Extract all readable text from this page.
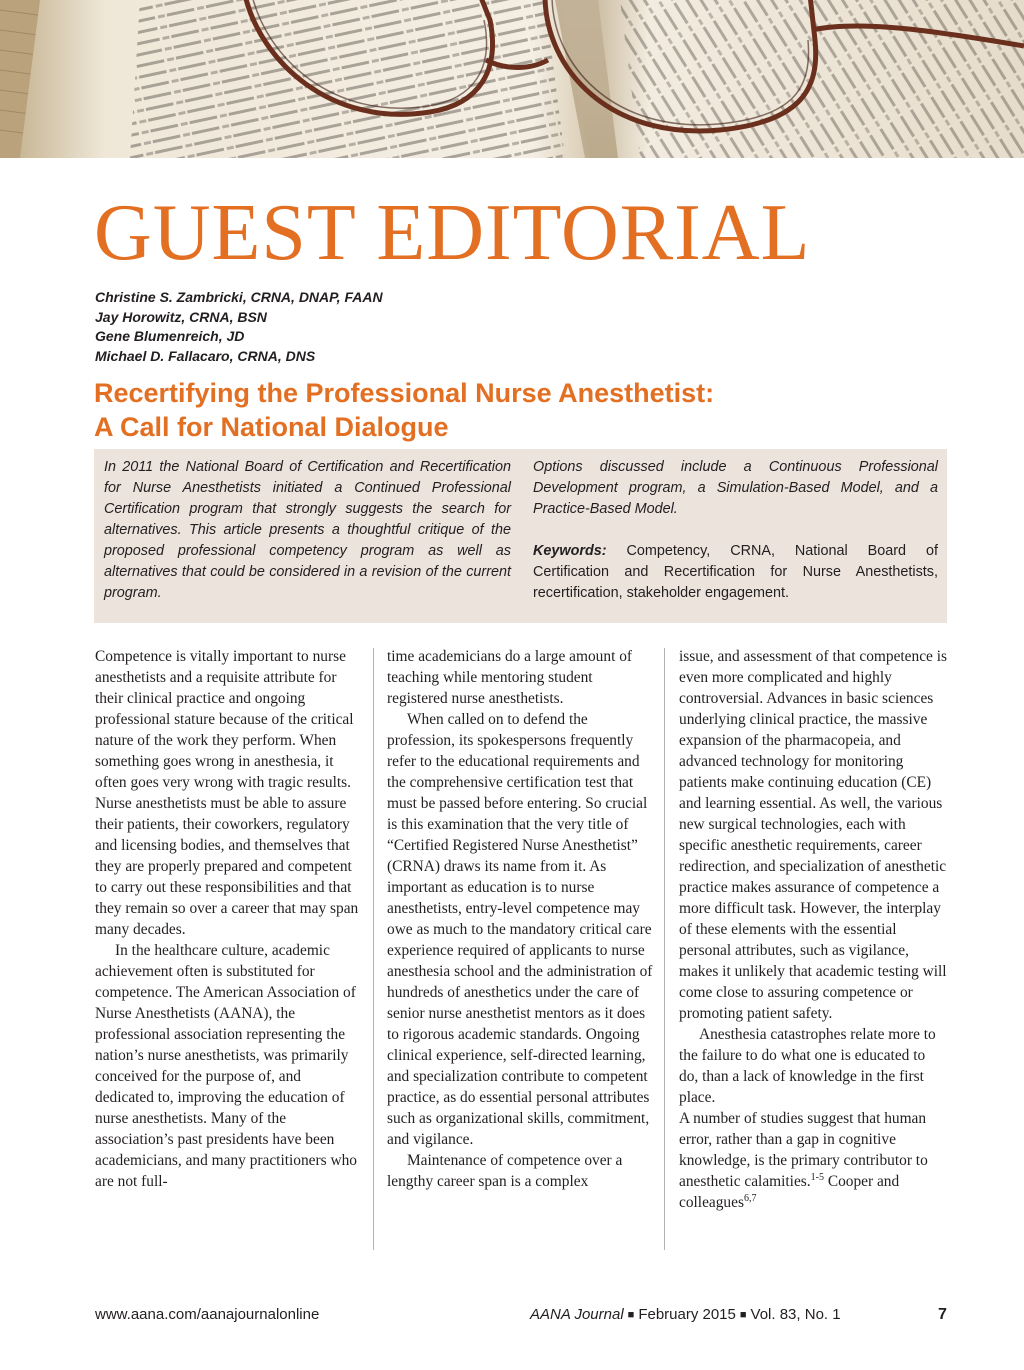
GUEST EDITORIAL
Christine S. Zambricki, CRNA, DNAP, FAAN
Jay Horowitz, CRNA, BSN
Gene Blumenreich, JD
Michael D. Fallacaro, CRNA, DNS
Recertifying the Professional Nurse Anesthetist:
A Call for National Dialogue

In 2011 the National Board of Certification and Recertification for Nurse Anesthetists initiated a Continued Professional Certification program that strongly suggests the search for alternatives. This article presents a thoughtful critique of the proposed professional competency program as well as alternatives that could be considered in a revision of the current program.

Options discussed include a Continuous Professional Development program, a Simulation-Based Model, and a Practice-Based Model.

Keywords: Competency, CRNA, National Board of Certification and Recertification for Nurse Anesthetists, recertification, stakeholder engagement.

Competence is vitally important to nurse anesthetists and a requisite attribute for their clinical practice and ongoing professional stature because of the critical nature of the work they perform. When something goes wrong in anesthesia, it often goes very wrong with tragic results. Nurse anesthetists must be able to assure their patients, their coworkers, regulatory and licensing bodies, and themselves that they are properly prepared and competent to carry out these responsibilities and that they remain so over a career that may span many decades.

In the healthcare culture, academic achievement often is substituted for competence. The American Association of Nurse Anesthetists (AANA), the professional association representing the nation’s nurse anesthetists, was primarily conceived for the purpose of, and dedicated to, improving the education of nurse anesthetists. Many of the association’s past presidents have been academicians, and many practitioners who are not full-

time academicians do a large amount of teaching while mentoring student registered nurse anesthetists.

When called on to defend the profession, its spokespersons frequently refer to the educational requirements and the comprehensive certification test that must be passed before entering. So crucial is this examination that the very title of “Certified Registered Nurse Anesthetist” (CRNA) draws its name from it. As important as education is to nurse anesthetists, entry-level competence may owe as much to the mandatory critical care experience required of applicants to nurse anesthesia school and the administration of hundreds of anesthetics under the care of senior nurse anesthetist mentors as it does to rigorous academic standards. Ongoing clinical experience, self-directed learning, and specialization contribute to competent practice, as do essential personal attributes such as organizational skills, commitment, and vigilance.

Maintenance of competence over a lengthy career span is a complex

issue, and assessment of that competence is even more complicated and highly controversial. Advances in basic sciences underlying clinical practice, the massive expansion of the pharmacopeia, and advanced technology for monitoring patients make continuing education (CE) and learning essential. As well, the various new surgical technologies, each with specific anesthetic requirements, career redirection, and specialization of anesthetic practice makes assurance of competence a more difficult task. However, the interplay of these elements with the essential personal attributes, such as vigilance, makes it unlikely that academic testing will come close to assuring competence or promoting patient safety.

Anesthesia catastrophes relate more to the failure to do what one is educated to do, than a lack of knowledge in the first place.

A number of studies suggest that human error, rather than a gap in cognitive knowledge, is the primary contributor to anesthetic calamities.$^{1-5}$ Cooper and colleagues$^{6,7}$

www.aana.com/aanajournalonline	AANA Journal ■ February 2015 ■ Vol. 83, No. 1	7
